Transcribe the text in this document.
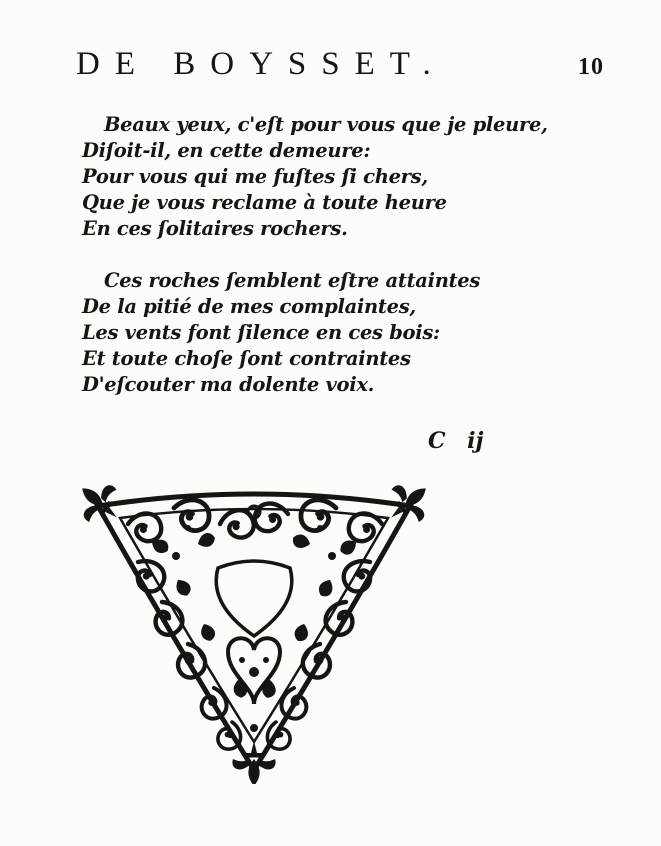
DE BOYSSET.	10
Beaux yeux, c'eſt pour vous que je pleure,
Diſoit-il, en cette demeure:
Pour vous qui me fuſtes ſi chers,
Que je vous reclame à toute heure
En ces ſolitaires rochers.
Ces roches ſemblent eſtre attaintes
De la pitié de mes complaintes,
Les vents font ſilence en ces bois:
Et toute choſe ſont contraintes
D'eſcouter ma dolente voix.
C ij
